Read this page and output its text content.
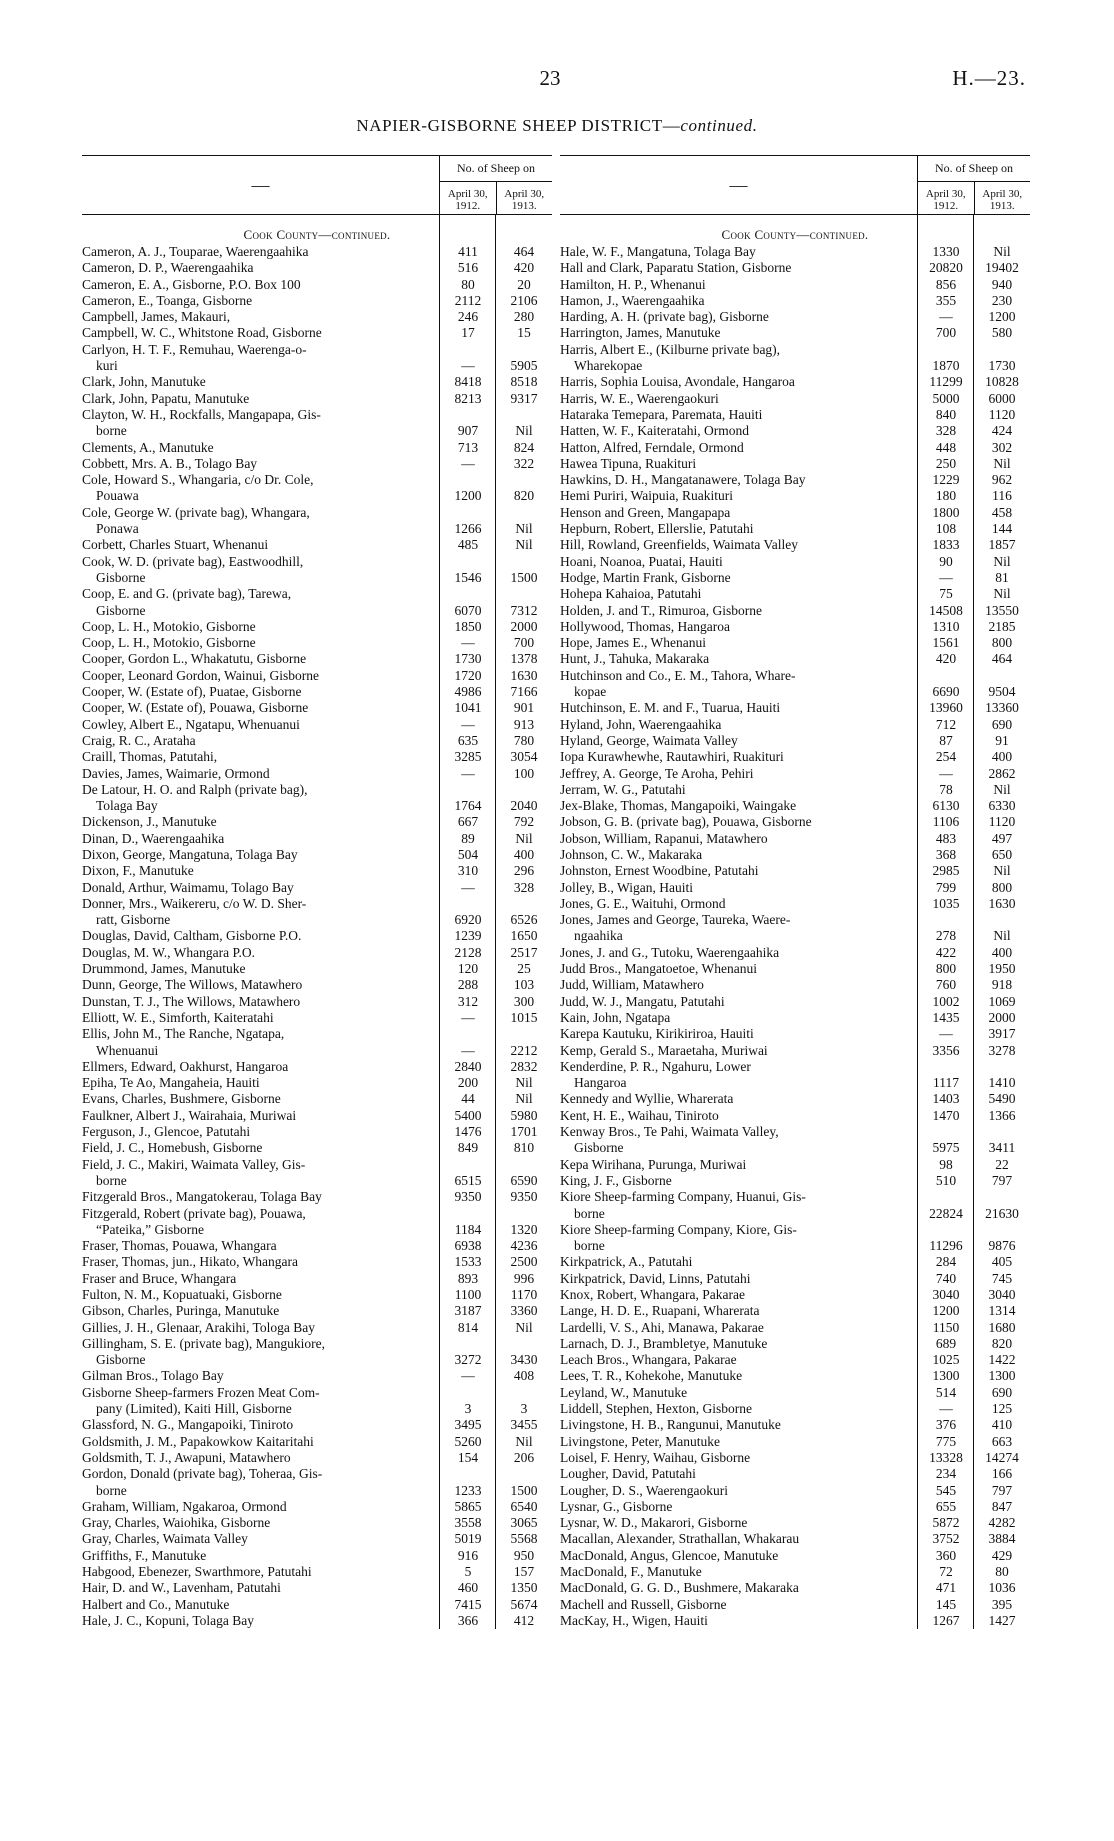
23	H.—23.
NAPIER-GISBORNE SHEEP DISTRICT—continued.
—
No. of Sheep on
April 30, 1912.
April 30, 1913.
Cook County—continued.
Cameron, A. J., Touparae, Waerengaahika	411	464
Cameron, D. P., Waerengaahika	516	420
Cameron, E. A., Gisborne, P.O. Box 100	80	20
Cameron, E., Toanga, Gisborne	2112	2106
Campbell, James, Makauri,	246	280
Campbell, W. C., Whitstone Road, Gisborne	17	15
Carlyon, H. T. F., Remuhau, Waerenga-o-
kuri	—	5905
Clark, John, Manutuke	8418	8518
Clark, John, Papatu, Manutuke	8213	9317
Clayton, W. H., Rockfalls, Mangapapa, Gis-
borne	907	Nil
Clements, A., Manutuke	713	824
Cobbett, Mrs. A. B., Tolago Bay	—	322
Cole, Howard S., Whangaria, c/o Dr. Cole,
Pouawa	1200	820
Cole, George W. (private bag), Whangara,
Ponawa	1266	Nil
Corbett, Charles Stuart, Whenanui	485	Nil
Cook, W. D. (private bag), Eastwoodhill,
Gisborne	1546	1500
Coop, E. and G. (private bag), Tarewa,
Gisborne	6070	7312
Coop, L. H., Motokio, Gisborne	1850	2000
Coop, L. H., Motokio, Gisborne	—	700
Cooper, Gordon L., Whakatutu, Gisborne	1730	1378
Cooper, Leonard Gordon, Wainui, Gisborne	1720	1630
Cooper, W. (Estate of), Puatae, Gisborne	4986	7166
Cooper, W. (Estate of), Pouawa, Gisborne	1041	901
Cowley, Albert E., Ngatapu, Whenuanui	—	913
Craig, R. C., Arataha	635	780
Craill, Thomas, Patutahi,	3285	3054
Davies, James, Waimarie, Ormond	—	100
De Latour, H. O. and Ralph (private bag),
Tolaga Bay	1764	2040
Dickenson, J., Manutuke	667	792
Dinan, D., Waerengaahika	89	Nil
Dixon, George, Mangatuna, Tolaga Bay	504	400
Dixon, F., Manutuke	310	296
Donald, Arthur, Waimamu, Tolago Bay	—	328
Donner, Mrs., Waikereru, c/o W. D. Sher-
ratt, Gisborne	6920	6526
Douglas, David, Caltham, Gisborne P.O.	1239	1650
Douglas, M. W., Whangara P.O.	2128	2517
Drummond, James, Manutuke	120	25
Dunn, George, The Willows, Matawhero	288	103
Dunstan, T. J., The Willows, Matawhero	312	300
Elliott, W. E., Simforth, Kaiteratahi	—	1015
Ellis, John M., The Ranche, Ngatapa,
Whenuanui	—	2212
Ellmers, Edward, Oakhurst, Hangaroa	2840	2832
Epiha, Te Ao, Mangaheia, Hauiti	200	Nil
Evans, Charles, Bushmere, Gisborne	44	Nil
Faulkner, Albert J., Wairahaia, Muriwai	5400	5980
Ferguson, J., Glencoe, Patutahi	1476	1701
Field, J. C., Homebush, Gisborne	849	810
Field, J. C., Makiri, Waimata Valley, Gis-
borne	6515	6590
Fitzgerald Bros., Mangatokerau, Tolaga Bay	9350	9350
Fitzgerald, Robert (private bag), Pouawa,
“Pateika,” Gisborne	1184	1320
Fraser, Thomas, Pouawa, Whangara	6938	4236
Fraser, Thomas, jun., Hikato, Whangara	1533	2500
Fraser and Bruce, Whangara	893	996
Fulton, N. M., Kopuatuaki, Gisborne	1100	1170
Gibson, Charles, Puringa, Manutuke	3187	3360
Gillies, J. H., Glenaar, Arakihi, Tologa Bay	814	Nil
Gillingham, S. E. (private bag), Mangukiore,
Gisborne	3272	3430
Gilman Bros., Tolago Bay	—	408
Gisborne Sheep-farmers Frozen Meat Com-
pany (Limited), Kaiti Hill, Gisborne	3	3
Glassford, N. G., Mangapoiki, Tiniroto	3495	3455
Goldsmith, J. M., Papakowkow Kaitaritahi	5260	Nil
Goldsmith, T. J., Awapuni, Matawhero	154	206
Gordon, Donald (private bag), Toheraa, Gis-
borne	1233	1500
Graham, William, Ngakaroa, Ormond	5865	6540
Gray, Charles, Waiohika, Gisborne	3558	3065
Gray, Charles, Waimata Valley	5019	5568
Griffiths, F., Manutuke	916	950
Habgood, Ebenezer, Swarthmore, Patutahi	5	157
Hair, D. and W., Lavenham, Patutahi	460	1350
Halbert and Co., Manutuke	7415	5674
Hale, J. C., Kopuni, Tolaga Bay	366	412
—
No. of Sheep on
April 30, 1912.
April 30, 1913.
Cook County—continued.
Hale, W. F., Mangatuna, Tolaga Bay	1330	Nil
Hall and Clark, Paparatu Station, Gisborne	20820	19402
Hamilton, H. P., Whenanui	856	940
Hamon, J., Waerengaahika	355	230
Harding, A. H. (private bag), Gisborne	—	1200
Harrington, James, Manutuke	700	580
Harris, Albert E., (Kilburne private bag),
Wharekopae	1870	1730
Harris, Sophia Louisa, Avondale, Hangaroa	11299	10828
Harris, W. E., Waerengaokuri	5000	6000
Hataraka Temepara, Paremata, Hauiti	840	1120
Hatten, W. F., Kaiteratahi, Ormond	328	424
Hatton, Alfred, Ferndale, Ormond	448	302
Hawea Tipuna, Ruakituri	250	Nil
Hawkins, D. H., Mangatanawere, Tolaga Bay	1229	962
Hemi Puriri, Waipuia, Ruakituri	180	116
Henson and Green, Mangapapa	1800	458
Hepburn, Robert, Ellerslie, Patutahi	108	144
Hill, Rowland, Greenfields, Waimata Valley	1833	1857
Hoani, Noanoa, Puatai, Hauiti	90	Nil
Hodge, Martin Frank, Gisborne	—	81
Hohepa Kahaioa, Patutahi	75	Nil
Holden, J. and T., Rimuroa, Gisborne	14508	13550
Hollywood, Thomas, Hangaroa	1310	2185
Hope, James E., Whenanui	1561	800
Hunt, J., Tahuka, Makaraka	420	464
Hutchinson and Co., E. M., Tahora, Whare-
kopae	6690	9504
Hutchinson, E. M. and F., Tuarua, Hauiti	13960	13360
Hyland, John, Waerengaahika	712	690
Hyland, George, Waimata Valley	87	91
Iopa Kurawhewhe, Rautawhiri, Ruakituri	254	400
Jeffrey, A. George, Te Aroha, Pehiri	—	2862
Jerram, W. G., Patutahi	78	Nil
Jex-Blake, Thomas, Mangapoiki, Waingake	6130	6330
Jobson, G. B. (private bag), Pouawa, Gisborne	1106	1120
Jobson, William, Rapanui, Matawhero	483	497
Johnson, C. W., Makaraka	368	650
Johnston, Ernest Woodbine, Patutahi	2985	Nil
Jolley, B., Wigan, Hauiti	799	800
Jones, G. E., Waituhi, Ormond	1035	1630
Jones, James and George, Taureka, Waere-
ngaahika	278	Nil
Jones, J. and G., Tutoku, Waerengaahika	422	400
Judd Bros., Mangatoetoe, Whenanui	800	1950
Judd, William, Matawhero	760	918
Judd, W. J., Mangatu, Patutahi	1002	1069
Kain, John, Ngatapa	1435	2000
Karepa Kautuku, Kirikiriroa, Hauiti	—	3917
Kemp, Gerald S., Maraetaha, Muriwai	3356	3278
Kenderdine, P. R., Ngahuru, Lower
Hangaroa	1117	1410
Kennedy and Wyllie, Wharerata	1403	5490
Kent, H. E., Waihau, Tiniroto	1470	1366
Kenway Bros., Te Pahi, Waimata Valley,
Gisborne	5975	3411
Kepa Wirihana, Purunga, Muriwai	98	22
King, J. F., Gisborne	510	797
Kiore Sheep-farming Company, Huanui, Gis-
borne	22824	21630
Kiore Sheep-farming Company, Kiore, Gis-
borne	11296	9876
Kirkpatrick, A., Patutahi	284	405
Kirkpatrick, David, Linns, Patutahi	740	745
Knox, Robert, Whangara, Pakarae	3040	3040
Lange, H. D. E., Ruapani, Wharerata	1200	1314
Lardelli, V. S., Ahi, Manawa, Pakarae	1150	1680
Larnach, D. J., Brambletye, Manutuke	689	820
Leach Bros., Whangara, Pakarae	1025	1422
Lees, T. R., Kohekohe, Manutuke	1300	1300
Leyland, W., Manutuke	514	690
Liddell, Stephen, Hexton, Gisborne	—	125
Livingstone, H. B., Rangunui, Manutuke	376	410
Livingstone, Peter, Manutuke	775	663
Loisel, F. Henry, Waihau, Gisborne	13328	14274
Lougher, David, Patutahi	234	166
Lougher, D. S., Waerengaokuri	545	797
Lysnar, G., Gisborne	655	847
Lysnar, W. D., Makarori, Gisborne	5872	4282
Macallan, Alexander, Strathallan, Whakarau	3752	3884
MacDonald, Angus, Glencoe, Manutuke	360	429
MacDonald, F., Manutuke	72	80
MacDonald, G. G. D., Bushmere, Makaraka	471	1036
Machell and Russell, Gisborne	145	395
MacKay, H., Wigen, Hauiti	1267	1427
